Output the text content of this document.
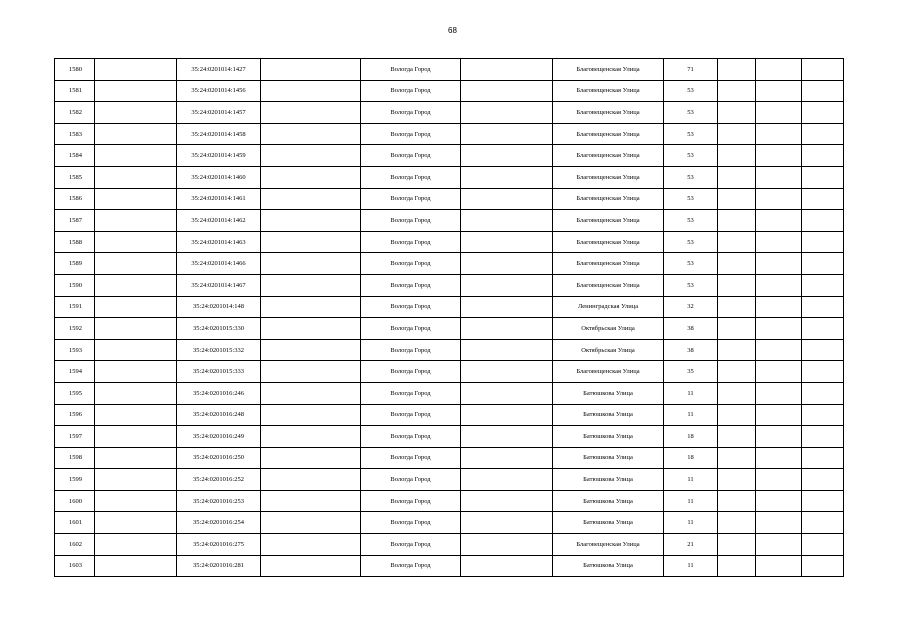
68
1580		35:24:0201014:1427		Вологда Город		Благовещенская Улица	71			
1581		35:24:0201014:1456		Вологда Город		Благовещенская Улица	53			
1582		35:24:0201014:1457		Вологда Город		Благовещенская Улица	53			
1583		35:24:0201014:1458		Вологда Город		Благовещенская Улица	53			
1584		35:24:0201014:1459		Вологда Город		Благовещенская Улица	53			
1585		35:24:0201014:1460		Вологда Город		Благовещенская Улица	53			
1586		35:24:0201014:1461		Вологда Город		Благовещенская Улица	53			
1587		35:24:0201014:1462		Вологда Город		Благовещенская Улица	53			
1588		35:24:0201014:1463		Вологда Город		Благовещенская Улица	53			
1589		35:24:0201014:1466		Вологда Город		Благовещенская Улица	53			
1590		35:24:0201014:1467		Вологда Город		Благовещенская Улица	53			
1591		35:24:0201014:148		Вологда Город		Ленинградская Улица	32			
1592		35:24:0201015:330		Вологда Город		Октябрьская Улица	38			
1593		35:24:0201015:332		Вологда Город		Октябрьская Улица	38			
1594		35:24:0201015:333		Вологда Город		Благовещенская Улица	35			
1595		35:24:0201016:246		Вологда Город		Батюшкова Улица	11			
1596		35:24:0201016:248		Вологда Город		Батюшкова Улица	11			
1597		35:24:0201016:249		Вологда Город		Батюшкова Улица	18			
1598		35:24:0201016:250		Вологда Город		Батюшкова Улица	18			
1599		35:24:0201016:252		Вологда Город		Батюшкова Улица	11			
1600		35:24:0201016:253		Вологда Город		Батюшкова Улица	11			
1601		35:24:0201016:254		Вологда Город		Батюшкова Улица	11			
1602		35:24:0201016:275		Вологда Город		Благовещенская Улица	21			
1603		35:24:0201016:281		Вологда Город		Батюшкова Улица	11			
